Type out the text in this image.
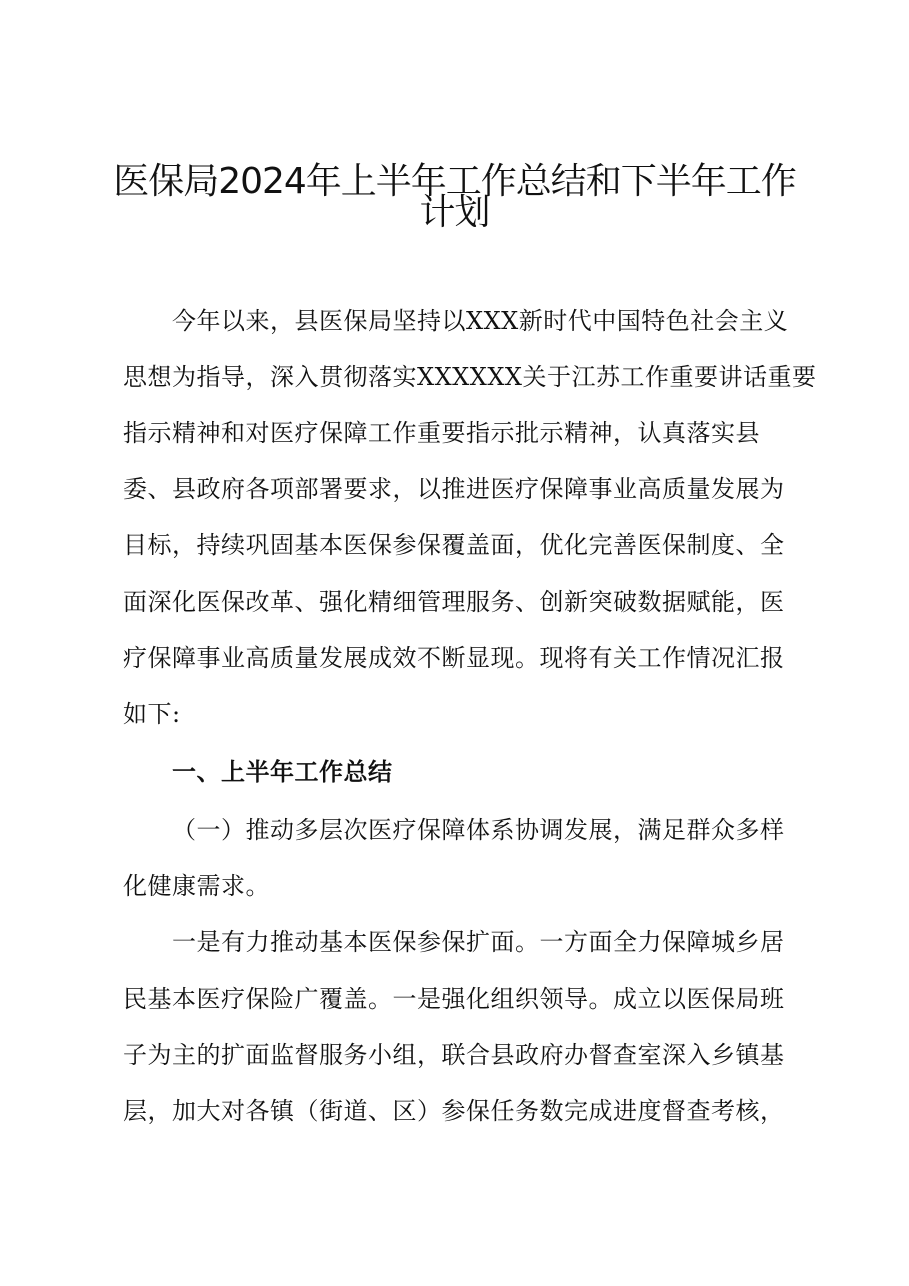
医保局2024年上半年工作总结和下半年工作
计划
今年以来，县医保局坚持以XXX新时代中国特色社会主义
思想为指导，深入贯彻落实XXXXXX关于江苏工作重要讲话重要
指示精神和对医疗保障工作重要指示批示精神，认真落实县
委、县政府各项部署要求，以推进医疗保障事业高质量发展为
目标，持续巩固基本医保参保覆盖面，优化完善医保制度、全
面深化医保改革、强化精细管理服务、创新突破数据赋能，医
疗保障事业高质量发展成效不断显现。现将有关工作情况汇报
如下:
一、上半年工作总结
（一）推动多层次医疗保障体系协调发展，满足群众多样
化健康需求。
一是有力推动基本医保参保扩面。一方面全力保障城乡居
民基本医疗保险广覆盖。一是强化组织领导。成立以医保局班
子为主的扩面监督服务小组，联合县政府办督查室深入乡镇基
层，加大对各镇（街道、区）参保任务数完成进度督查考核，
